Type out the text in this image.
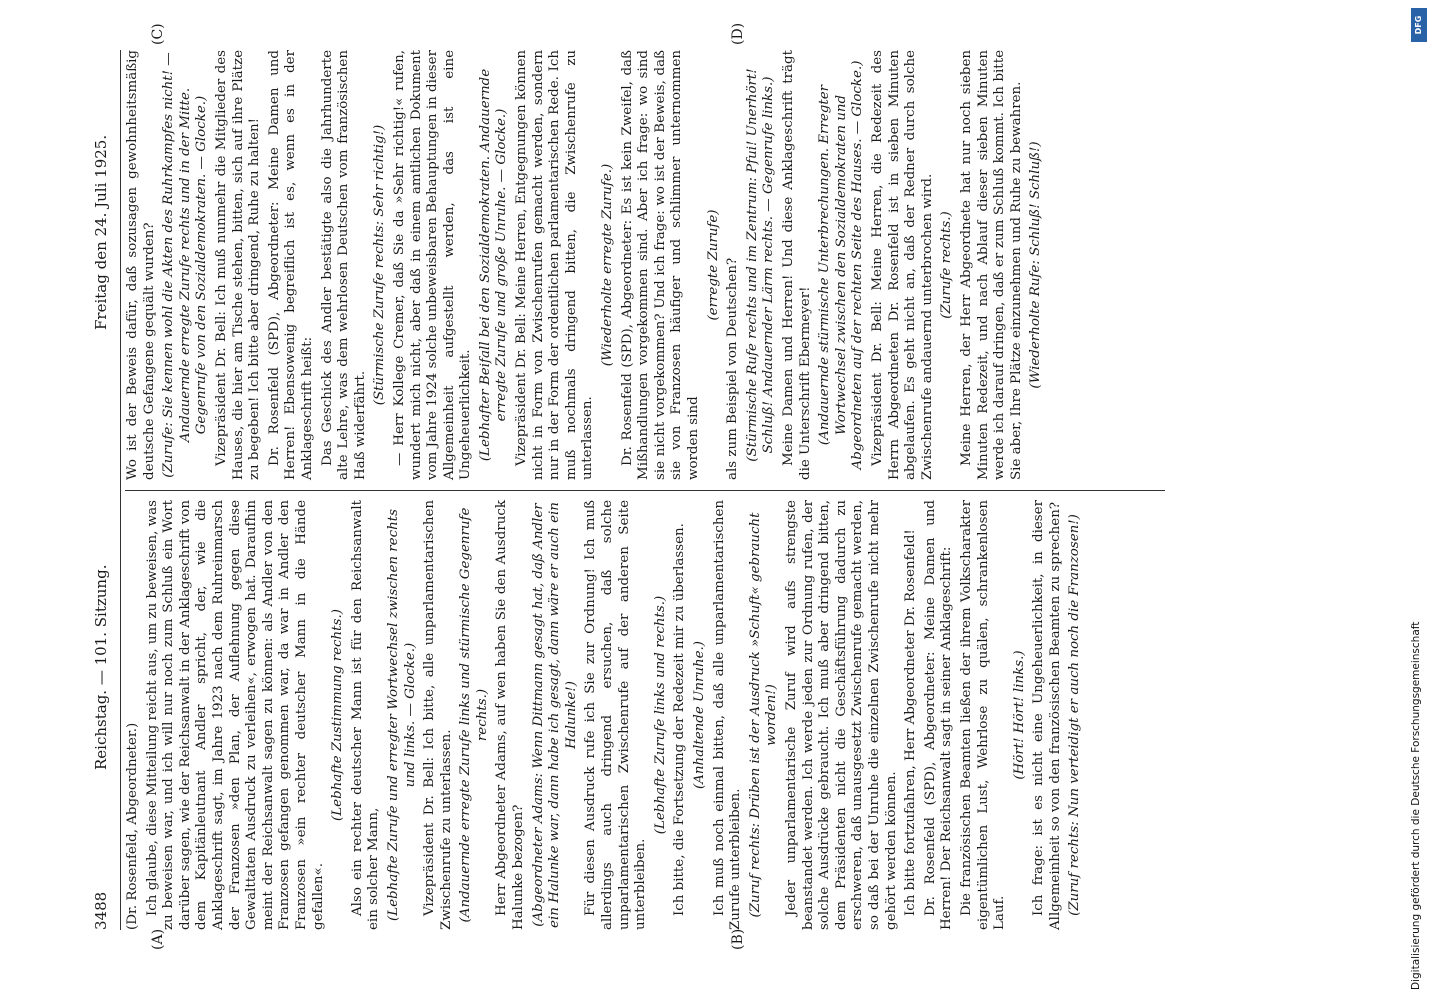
3488
Reichstag. — 101. Sitzung.
Freitag den 24. Juli 1925.
(A)	(B)
(C)	(D)

(Dr. Rosenfeld, Abgeordneter.) Ich glaube, diese Mitteilung reicht aus, um zu beweisen, was zu beweisen war, und ich will nur noch zum Schluß ein Wort darüber sagen, wie der Reichsanwalt in der Anklageschrift von dem Kapitänleutnant Andler spricht, der, wie die Anklageschrift sagt, im Jahre 1923 nach dem Ruhreinmarsch der Franzosen »den Plan, der Auflehnung gegen diese Gewalttaten Ausdruck zu verleihen«, erwogen hat. Daraufhin meint der Reichsanwalt sagen zu können: als Andler von den Franzosen gefangen genommen war, da war in Andler den Franzosen »ein rechter deutscher Mann in die Hände gefallen«.

(Lebhafte Zustimmung rechts.) Also ein rechter deutscher Mann ist für den Reichsanwalt ein solcher Mann, (Lebhafte Zurufe und erregter Wortwechsel zwischen rechts und links. — Glocke.) Vizepräsident Dr. Bell: Ich bitte, alle unparlamentarischen Zwischenrufe zu unterlassen. (Andauernde erregte Zurufe links und stürmische Gegenrufe rechts.) Herr Abgeordneter Adams, auf wen haben Sie den Ausdruck Halunke bezogen? (Abgeordneter Adams: Wenn Dittmann gesagt hat, daß Andler ein Halunke war, dann habe ich gesagt, dann wäre er auch ein Halunke!) Für diesen Ausdruck rufe ich Sie zur Ordnung! Ich muß allerdings auch dringend ersuchen, daß solche unparlamentarischen Zwischenrufe auf der anderen Seite unterbleiben.

(Lebhafte Zurufe links und rechts.) Ich bitte, die Fortsetzung der Redezeit mir zu überlassen. (Anhaltende Unruhe.) Ich muß noch einmal bitten, daß alle unparlamentarischen Zurufe unterbleiben. (Zuruf rechts: Drüben ist der Ausdruck »Schuft« gebraucht worden!) Jeder unparlamentarische Zuruf wird aufs strengste beanstandet werden. Ich werde jeden zur Ordnung rufen, der solche Ausdrücke gebraucht. Ich muß aber dringend bitten, dem Präsidenten nicht die Geschäftsführung dadurch zu erschweren, daß unausgesetzt Zwischenrufe gemacht werden, so daß bei der Unruhe die einzelnen Zwischenrufe nicht mehr gehört werden können. Ich bitte fortzufahren, Herr Abgeordneter Dr. Rosenfeld! Dr. Rosenfeld (SPD), Abgeordneter: Meine Damen und Herren! Der Reichsanwalt sagt in seiner Anklageschrift: Die französischen Beamten ließen der ihrem Volkscharakter eigentümlichen Lust, Wehrlose zu quälen, schrankenlosen Lauf.

(Hört! Hört! links.) Ich frage: ist es nicht eine Ungeheuerlichkeit, in dieser Allgemeinheit so von den französischen Beamten zu sprechen? (Zuruf rechts: Nun verteidigt er auch noch die Franzosen!)

Wo ist der Beweis dafür, daß sozusagen gewohnheitsmäßig deutsche Gefangene gequält wurden? (Zurufe: Sie kennen wohl die Akten des Ruhrkampfes nicht! — Andauernde erregte Zurufe rechts und in der Mitte. Gegenrufe von den Sozialdemokraten. — Glocke.) Vizepräsident Dr. Bell: Ich muß nunmehr die Mitglieder des Hauses, die hier am Tische stehen, bitten, sich auf ihre Plätze zu begeben! Ich bitte aber dringend, Ruhe zu halten! Dr. Rosenfeld (SPD), Abgeordneter: Meine Damen und Herren! Ebensowenig begreiflich ist es, wenn es in der Anklageschrift heißt: Das Geschick des Andler bestätigte also die Jahrhunderte alte Lehre, was dem wehrlosen Deutschen vom französischen Haß widerfährt.

(Stürmische Zurufe rechts: Sehr richtig!) — Herr Kollege Cremer, daß Sie da »Sehr richtig!« rufen, wundert mich nicht, aber daß in einem amtlichen Dokument vom Jahre 1924 solche unbeweisbaren Behauptungen in dieser Allgemeinheit aufgestellt werden, das ist eine Ungeheuerlichkeit. (Lebhafter Beifall bei den Sozialdemokraten. Andauernde erregte Zurufe und große Unruhe. — Glocke.) Vizepräsident Dr. Bell: Meine Herren, Entgegnungen können nicht in Form von Zwischenrufen gemacht werden, sondern nur in der Form der ordentlichen parlamentarischen Rede. Ich muß nochmals dringend bitten, die Zwischenrufe zu unterlassen.

(Wiederholte erregte Zurufe.) Dr. Rosenfeld (SPD), Abgeordneter: Es ist kein Zweifel, daß Mißhandlungen vorgekommen sind. Aber ich frage: wo sind sie nicht vorgekommen? Und ich frage: wo ist der Beweis, daß sie von Franzosen häufiger und schlimmer unternommen worden sind

(erregte Zurufe) als zum Beispiel von Deutschen? (Stürmische Rufe rechts und im Zentrum: Pfui! Unerhört! Schluß! Andauernder Lärm rechts. — Gegenrufe links.) Meine Damen und Herren! Und diese Anklageschrift trägt die Unterschrift Ebermeyer! (Andauernde stürmische Unterbrechungen. Erregter Wortwechsel zwischen den Sozialdemokraten und Abgeordneten auf der rechten Seite des Hauses. — Glocke.) Vizepräsident Dr. Bell: Meine Herren, die Redezeit des Herrn Abgeordneten Dr. Rosenfeld ist in sieben Minuten abgelaufen. Es geht nicht an, daß der Redner durch solche Zwischenrufe andauernd unterbrochen wird. (Zurufe rechts.) Meine Herren, der Herr Abgeordnete hat nur noch sieben Minuten Redezeit, und nach Ablauf dieser sieben Minuten werde ich darauf dringen, daß er zum Schluß kommt. Ich bitte Sie aber, Ihre Plätze einzunehmen und Ruhe zu bewahren. (Wiederholte Rufe: Schluß! Schluß!)

DFG
Digitalisierung gefördert durch die Deutsche Forschungsgemeinschaft
